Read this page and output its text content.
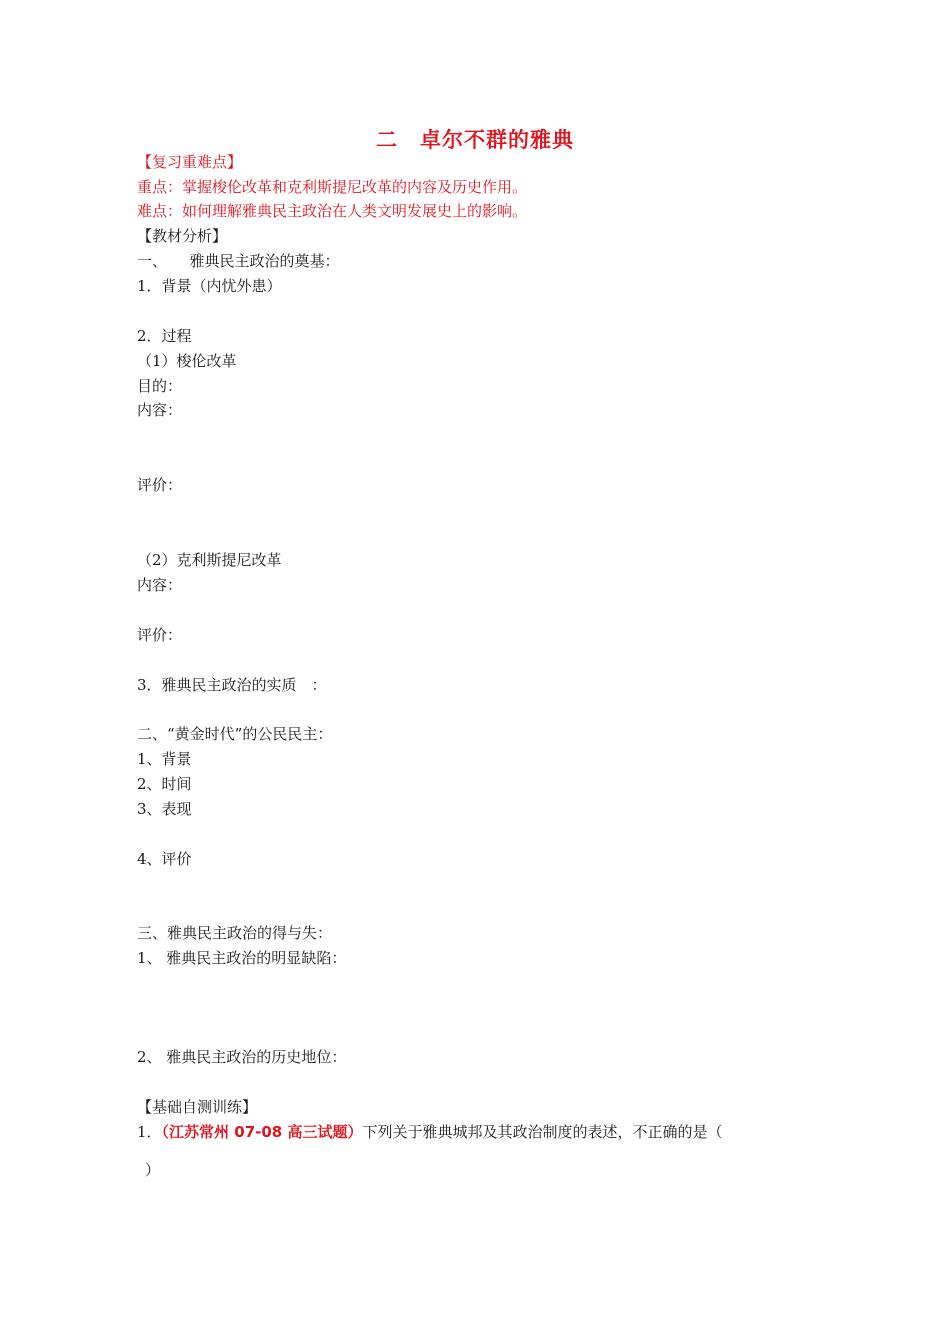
二　卓尔不群的雅典
【复习重难点】
重点：掌握梭伦改革和克利斯提尼改革的内容及历史作用。
难点：如何理解雅典民主政治在人类文明发展史上的影响。
【教材分析】
一、　　雅典民主政治的奠基：
1．背景（内忧外患）
2．过程
（1）梭伦改革
目的：
内容：
评价：
（2）克利斯提尼改革
内容：
评价：
3．雅典民主政治的实质　：
二、“黄金时代”的公民民主：
1、背景
2、时间
3、表现
4、评价
三、雅典民主政治的得与失：
1、 雅典民主政治的明显缺陷：
2、 雅典民主政治的历史地位：
【基础自测训练】
1．（江苏常州 07-08 高三试题）下列关于雅典城邦及其政治制度的表述，不正确的是（
）
